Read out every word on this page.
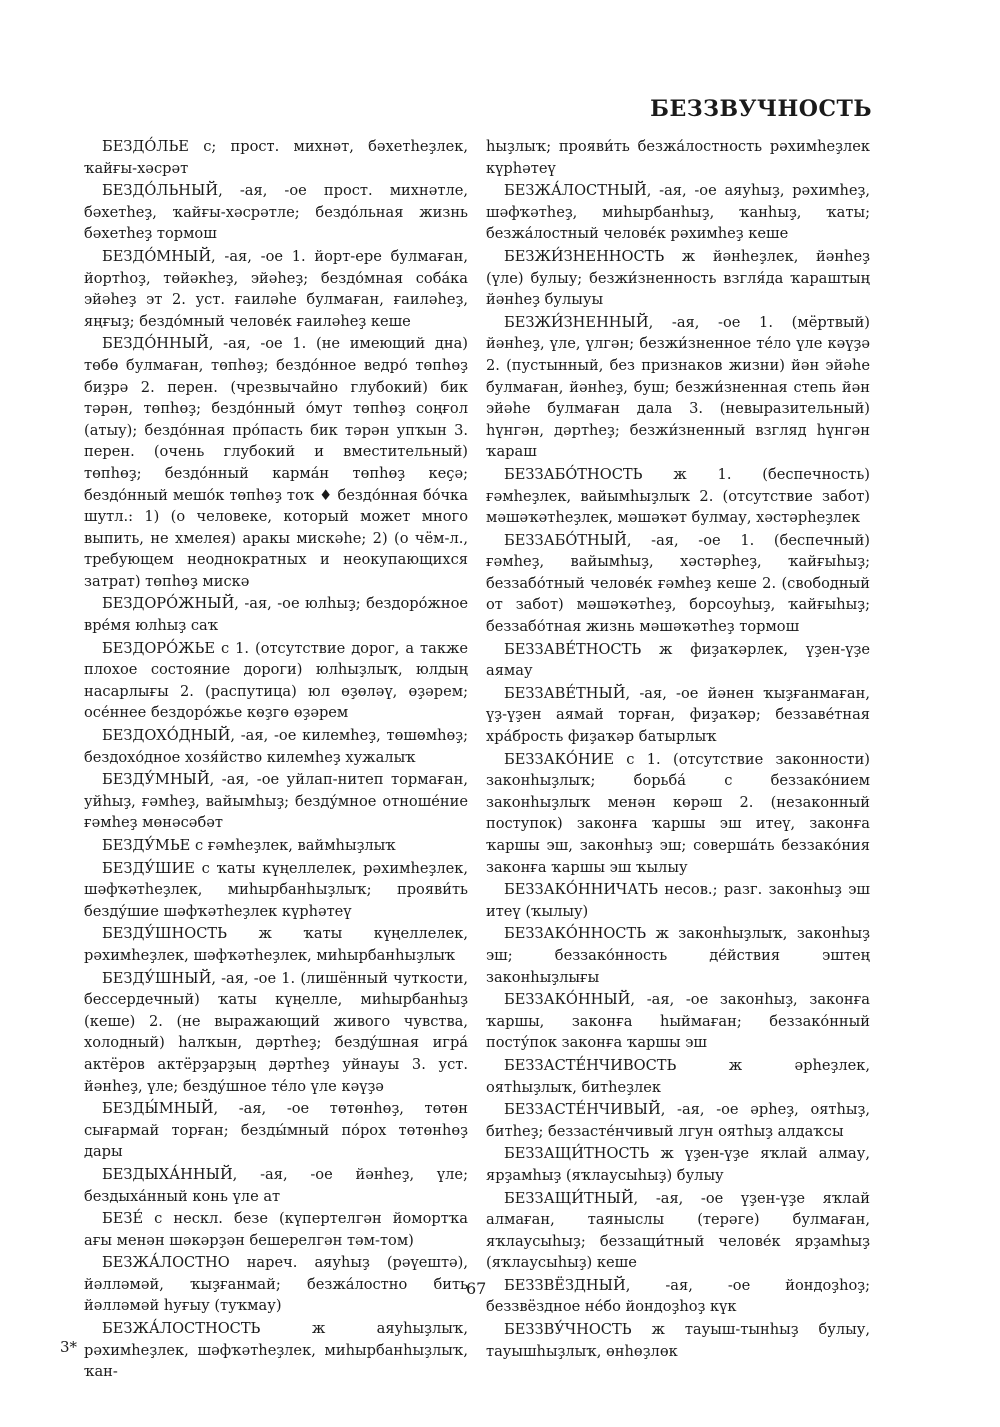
БЕЗЗВУЧНОСТЬ

БЕЗДО́ЛЬЕ с; прост. михнәт, бәхетһеҙлек, ҡайғы-хәсрәт

БЕЗДО́ЛЬНЫЙ, -ая, -ое прост. михнәтле, бәхетһеҙ, ҡайғы-хәсрәтле; бездо́льная жизнь бәхетһеҙ тормош

БЕЗДО́МНЫЙ, -ая, -ое 1. йорт-ере булмаған, йортһоҙ, төйәкһеҙ, эйәһеҙ; бездо́мная соба́ка эйәһеҙ эт 2. уст. ғаиләһе булмаған, ғаиләһеҙ, яңғыҙ; бездо́мный челове́к ғаиләһеҙ кеше

БЕЗДО́ННЫЙ, -ая, -ое 1. (не имеющий дна) төбө булмаған, төпһөҙ; бездо́нное ведро́ төпһөҙ биҙрә 2. перен. (чрезвычайно глубокий) бик тәрән, төпһөҙ; бездо́нный о́мут төпһөҙ соңғол (атыу); бездо́нная про́пасть бик тәрән упҡын 3. перен. (очень глубокий и вместительный) төпһөҙ; бездо́нный карма́н төпһөҙ кеҫә; бездо́нный мешо́к төпһөҙ тоҡ ♦ бездо́нная бо́чка шутл.: 1) (о человеке, который может много выпить, не хмелея) аракы мискәһе; 2) (о чём-л., требующем неоднократных и неокупающихся затрат) төпһөҙ мискә

БЕЗДОРО́ЖНЫЙ, -ая, -ое юлһыҙ; бездоро́жное вре́мя юлһыҙ саҡ

БЕЗДОРО́ЖЬЕ с 1. (отсутствие дорог, а также плохое состояние дороги) юлһыҙлыҡ, юлдың насарлығы 2. (распутица) юл өҙөләү, өҙәрем; осе́ннее бездоро́жье көҙгө өҙәрем

БЕЗДОХО́ДНЫЙ, -ая, -ое килемһеҙ, төшөмһөҙ; бездохо́дное хозя́йство килемһеҙ хужалыҡ

БЕЗДУ́МНЫЙ, -ая, -ое уйлап-нитеп тормаған, уйһыҙ, ғәмһеҙ, вайымһыҙ; безду́мное отноше́ние ғәмһеҙ мөнәсәбәт

БЕЗДУ́МЬЕ с ғәмһеҙлек, ваймһыҙлыҡ

БЕЗДУ́ШИЕ с ҡаты күңеллелек, рәхимһеҙлек, шәфҡәтһеҙлек, миһырбанһыҙлыҡ; прояви́ть безду́шие шәфҡәтһеҙлек күрһәтеү

БЕЗДУ́ШНОСТЬ ж ҡаты күңеллелек, рәхимһеҙлек, шәфҡәтһеҙлек, миһырбанһыҙлыҡ

БЕЗДУ́ШНЫЙ, -ая, -ое 1. (лишённый чуткости, бессердечный) ҡаты күңелле, миһырбанһыҙ (кеше) 2. (не выражающий живого чувства, холодный) һалҡын, дәртһеҙ; безду́шная игра́ актёров актёрҙарҙың дәртһеҙ уйнауы 3. уст. йәнһеҙ, үле; безду́шное те́ло үле кәүҙә

БЕЗДЫ́МНЫЙ, -ая, -ое төтөнһөҙ, төтөн сығармай торған; безды́мный по́рох төтөнһөҙ дары

БЕЗДЫХА́ННЫЙ, -ая, -ое йәнһеҙ, үле; бездыха́нный конь үле ат

БЕЗЕ́ с нескл. безе (күпертелгән йомортҡа ағы менән шәкәрҙән бешерелгән тәм-том)

БЕЗЖА́ЛОСТНО нареч. аяуһыҙ (рәүештә), йәлләмәй, ҡыҙғанмай; безжа́лостно бить йәлләмәй һуғыу (туҡмау)

БЕЗЖА́ЛОСТНОСТЬ ж аяуһыҙлыҡ, рәхимһеҙлек, шәфҡәтһеҙлек, миһырбанһыҙлыҡ, ҡан-

һыҙлыҡ; прояви́ть безжа́лостность рәхимһеҙлек күрһәтеү

БЕЗЖА́ЛОСТНЫЙ, -ая, -ое аяуһыҙ, рәхимһеҙ, шәфҡәтһеҙ, миһырбанһыҙ, ҡанһыҙ, ҡаты; безжа́лостный челове́к рәхимһеҙ кеше

БЕЗЖИ́ЗНЕННОСТЬ ж йәнһеҙлек, йәнһеҙ (үле) булыу; безжи́зненность взгля́да ҡараштың йәнһеҙ булыуы

БЕЗЖИ́ЗНЕННЫЙ, -ая, -ое 1. (мёртвый) йәнһеҙ, үле, үлгән; безжи́зненное те́ло үле кәүҙә 2. (пустынный, без признаков жизни) йән эйәһе булмаған, йәнһеҙ, буш; безжи́зненная степь йән эйәһе булмаған дала 3. (невыразительный) һүнгән, дәртһеҙ; безжи́зненный взгляд һүнгән ҡараш

БЕЗЗАБО́ТНОСТЬ ж 1. (беспечность) ғәмһеҙлек, вайымһыҙлыҡ 2. (отсутствие забот) мәшәҡәтһеҙлек, мәшәҡәт булмау, хәстәрһеҙлек

БЕЗЗАБО́ТНЫЙ, -ая, -ое 1. (беспечный) ғәмһеҙ, вайымһыҙ, хәстәрһеҙ, ҡайғыһыҙ; беззабо́тный челове́к ғәмһеҙ кеше 2. (свободный от забот) мәшәҡәтһеҙ, борсоуһыҙ, ҡайғыһыҙ; беззабо́тная жизнь мәшәҡәтһеҙ тормош

БЕЗЗАВЕ́ТНОСТЬ ж фиҙаҡәрлек, үҙен-үҙе аямау

БЕЗЗАВЕ́ТНЫЙ, -ая, -ое йәнен ҡыҙғанмаған, үҙ-үҙен аямай торған, фиҙаҡәр; беззаве́тная хра́брость фиҙаҡәр батырлыҡ

БЕЗЗАКО́НИЕ с 1. (отсутствие законности) законһыҙлыҡ; борьба́ с беззако́нием законһыҙлыҡ менән көрәш 2. (незаконный поступок) законға ҡаршы эш итеү, законға ҡаршы эш, законһыҙ эш; соверша́ть беззако́ния законға ҡаршы эш ҡылыу

БЕЗЗАКО́ННИЧАТЬ несов.; разг. законһыҙ эш итеү (ҡылыу)

БЕЗЗАКО́ННОСТЬ ж законһыҙлыҡ, законһыҙ эш; беззако́нность де́йствия эштең законһыҙлығы

БЕЗЗАКО́ННЫЙ, -ая, -ое законһыҙ, законға ҡаршы, законға һыймаған; беззако́нный посту́пок законға ҡаршы эш

БЕЗЗАСТЕ́НЧИВОСТЬ ж әрһеҙлек, оятһыҙлыҡ, битһеҙлек

БЕЗЗАСТЕ́НЧИВЫЙ, -ая, -ое әрһеҙ, оятһыҙ, битһеҙ; беззасте́нчивый лгун оятһыҙ алдаҡсы

БЕЗЗАЩИ́ТНОСТЬ ж үҙен-үҙе яҡлай алмау, ярҙамһыҙ (яҡлаусыһыҙ) булыу

БЕЗЗАЩИ́ТНЫЙ, -ая, -ое үҙен-үҙе яҡлай алмаған, таяныслы (терәге) булмаған, яҡлаусыһыҙ; беззащи́тный челове́к ярҙамһыҙ (яҡлаусыһыҙ) кеше

БЕЗЗВЁЗДНЫЙ, -ая, -ое йондоҙһоҙ; беззвёздное не́бо йондоҙһоҙ күк

БЕЗЗВУ́ЧНОСТЬ ж тауыш-тынһыҙ булыу, тауышһыҙлыҡ, өнһөҙлөк

67
3*
